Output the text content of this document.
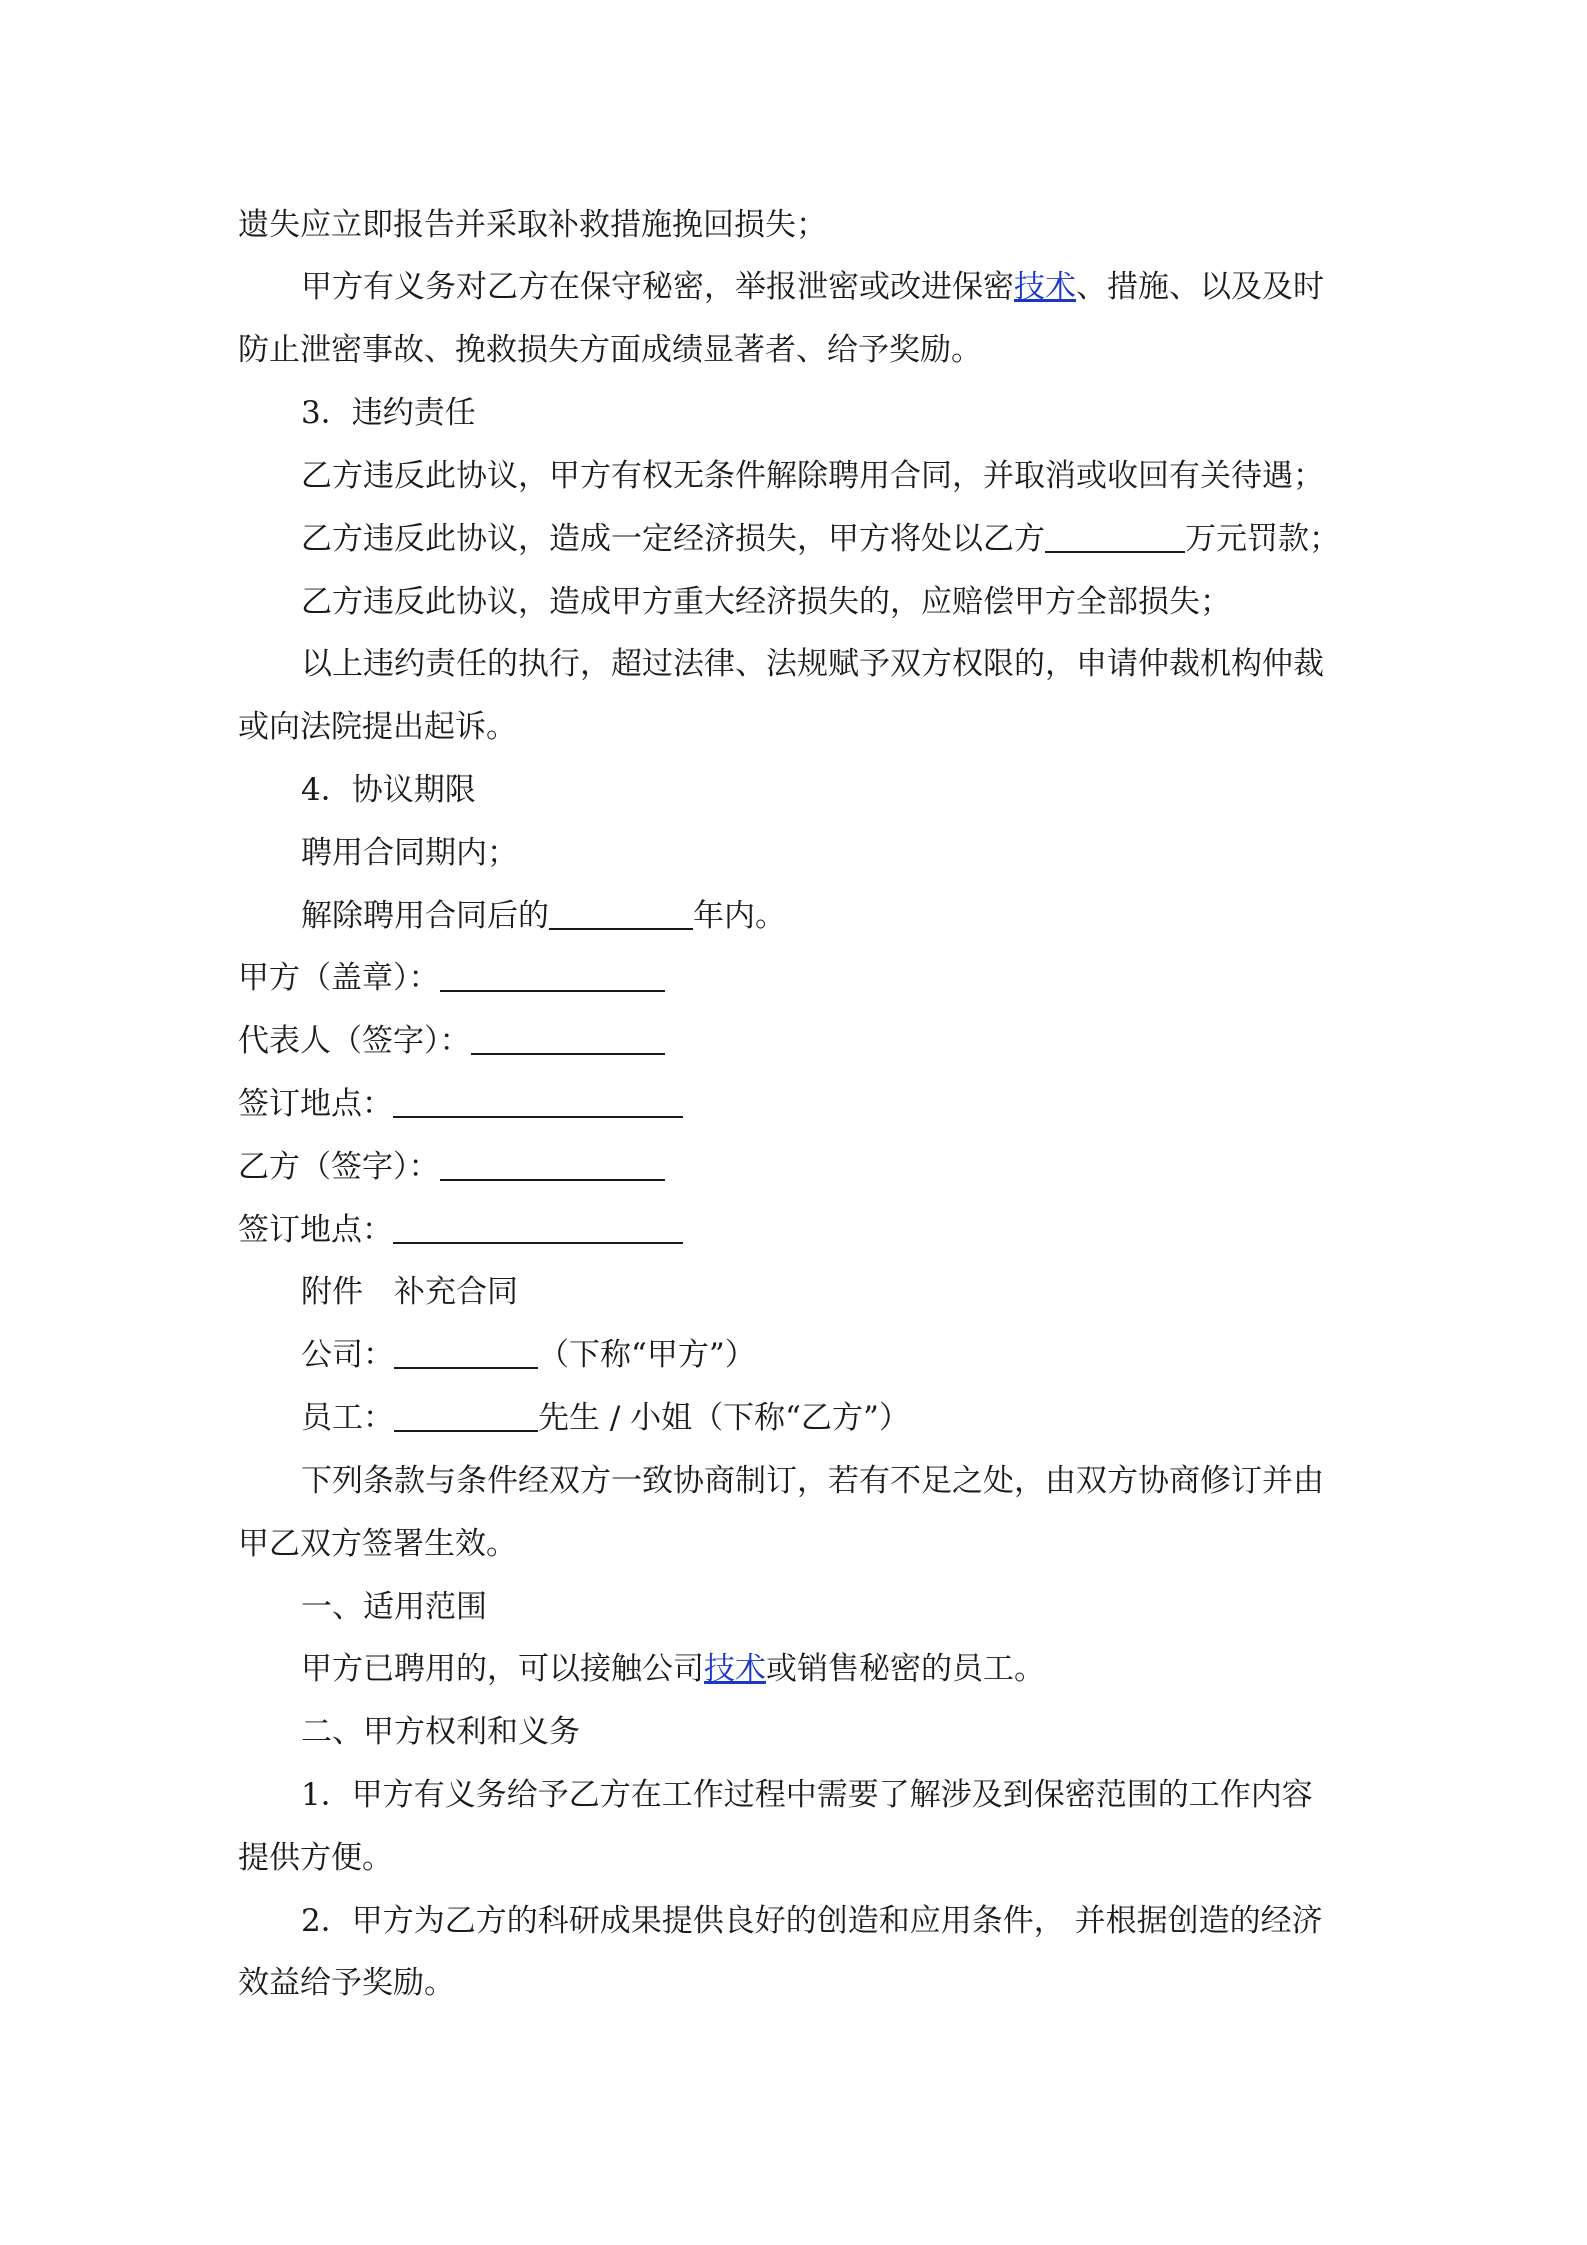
遗失应立即报告并采取补救措施挽回损失；
甲方有义务对乙方在保守秘密，举报泄密或改进保密技术、措施、以及及时
防止泄密事故、挽救损失方面成绩显著者、给予奖励。
3．违约责任
乙方违反此协议，甲方有权无条件解除聘用合同，并取消或收回有关待遇；
乙方违反此协议，造成一定经济损失，甲方将处以乙方	万元罚款；
乙方违反此协议，造成甲方重大经济损失的，应赔偿甲方全部损失；
以上违约责任的执行，超过法律、法规赋予双方权限的，申请仲裁机构仲裁
或向法院提出起诉。
4．协议期限
聘用合同期内；
解除聘用合同后的	年内。
甲方（盖章）：
代表人（签字）：
签订地点：
乙方（签字）：
签订地点：
附件　补充合同
公司：	（下称“甲方”）
员工：	先生 / 小姐（下称“乙方”）
下列条款与条件经双方一致协商制订，若有不足之处，由双方协商修订并由
甲乙双方签署生效。
一、适用范围
甲方已聘用的，可以接触公司技术或销售秘密的员工。
二、甲方权利和义务
1．甲方有义务给予乙方在工作过程中需要了解涉及到保密范围的工作内容
提供方便。
2．甲方为乙方的科研成果提供良好的创造和应用条件， 并根据创造的经济
效益给予奖励。
